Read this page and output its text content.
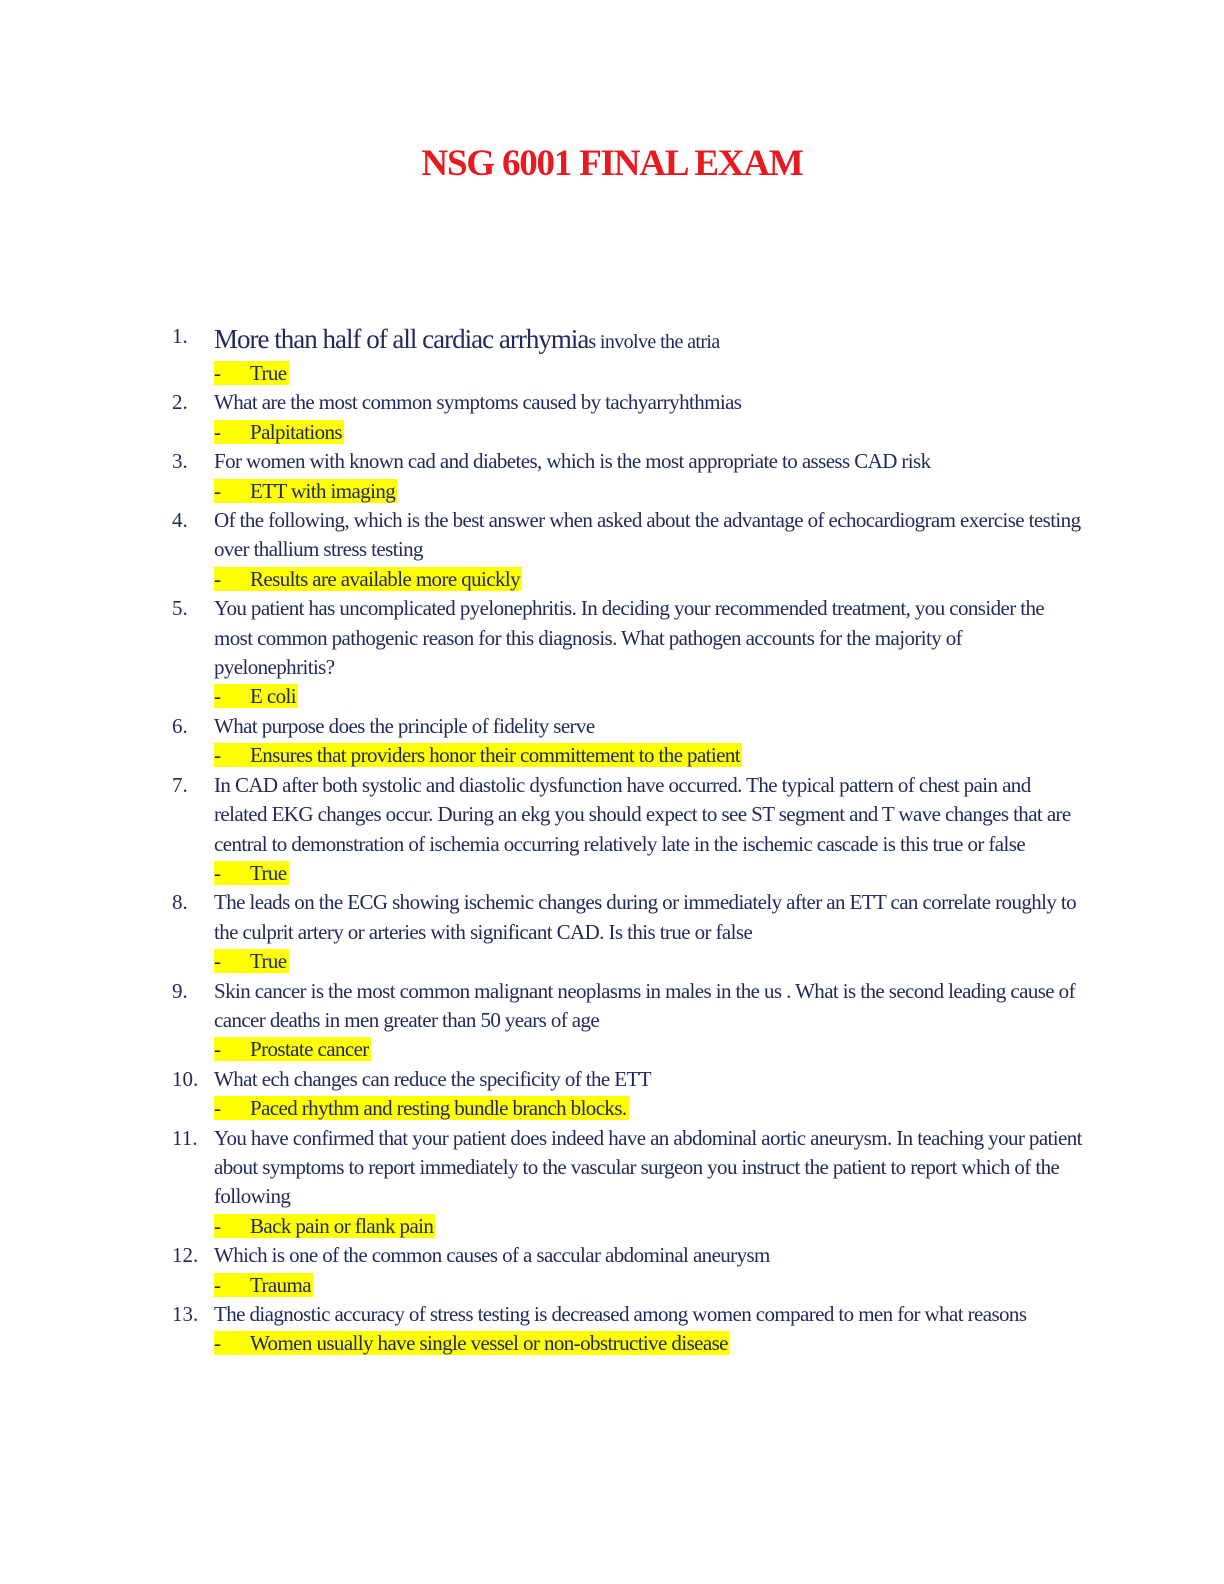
NSG 6001 FINAL EXAM
1. More than half of all cardiac arrhymias involve the atria
- True
2.	What are the most common symptoms caused by tachyarryhthmias
- Palpitations
3.	For women with known cad and diabetes, which is the most appropriate to assess CAD risk
- ETT with imaging
4.	Of the following, which is the best answer when asked about the advantage of echocardiogram exercise testing over thallium stress testing
- Results are available more quickly
5.	You patient has uncomplicated pyelonephritis. In deciding your recommended treatment, you consider the most common pathogenic reason for this diagnosis. What pathogen accounts for the majority of pyelonephritis?
- E coli
6.	What purpose does the principle of fidelity serve
- Ensures that providers honor their committement to the patient
7.	In CAD after both systolic and diastolic dysfunction have occurred. The typical pattern of chest pain and related EKG changes occur. During an ekg you should expect to see ST segment and T wave changes that are central to demonstration of ischemia occurring relatively late in the ischemic cascade is this true or false
- True
8.	The leads on the ECG showing ischemic changes during or immediately after an ETT can correlate roughly to the culprit artery or arteries with significant CAD. Is this true or false
- True
9.	Skin cancer is the most common malignant neoplasms in males in the us . What is the second leading cause of cancer deaths in men greater than 50 years of age
- Prostate cancer
10. What ech changes can reduce the specificity of the ETT
- Paced rhythm and resting bundle branch blocks.
11. You have confirmed that your patient does indeed have an abdominal aortic aneurysm. In teaching your patient about symptoms to report immediately to the vascular surgeon you instruct the patient to report which of the following
- Back pain or flank pain
12. Which is one of the common causes of a saccular abdominal aneurysm
- Trauma
13. The diagnostic accuracy of stress testing is decreased among women compared to men for what reasons
- Women usually have single vessel or non-obstructive disease
